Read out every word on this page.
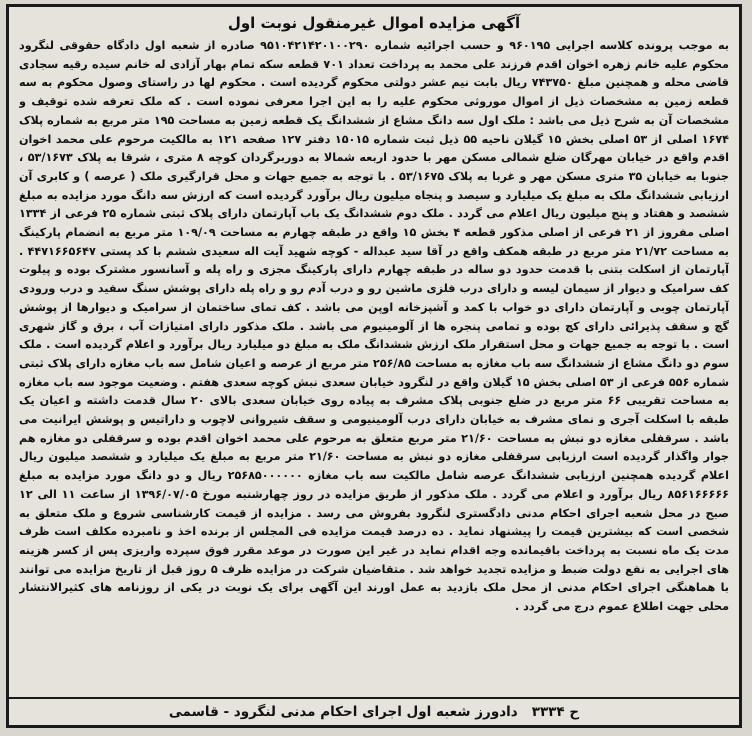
آگهی مزایده اموال غیرمنقول نوبت اول

به موجب پرونده کلاسه اجرایی ۹۶۰۱۹۵ و حسب اجرائیه شماره ۹۵۱۰۴۲۱۴۲۰۱۰۰۲۹۰ صادره از شعبه اول دادگاه حقوقی لنگرود محکوم علیه خانم زهره اخوان اقدم فرزند علی محمد به پرداخت تعداد ۷۰۱ قطعه سکه تمام بهار آزادی له خانم سیده رقیه سجادی قاضی محله و همچنین مبلغ ۷۴۳۷۵۰ ریال بابت نیم عشر دولتی محکوم گردیده است . محکوم لها در راستای وصول محکوم به سه قطعه زمین به مشخصات ذیل از اموال موروثی محکوم علیه را به این اجرا معرفی نموده است . که ملک تعرفه شده توقیف و مشخصات آن به شرح ذیل می باشد : ملک اول سه دانگ مشاع از ششدانگ یک قطعه زمین به مساحت ۱۹۵ متر مربع به شماره پلاک ۱۶۷۴ اصلی از ۵۳ اصلی بخش ۱۵ گیلان ناحیه ۵۵ ذیل ثبت شماره ۱۵۰۱۵ دفتر ۱۲۷ صفحه ۱۲۱ به مالکیت مرحوم علی محمد اخوان اقدم واقع در خیابان مهرگان ضلع شمالی مسکن مهر با حدود اربعه شمالا به دوربرگردان کوچه ۸ متری ، شرقا به پلاک ۵۳/۱۶۷۳ ، جنوبا به خیابان ۳۵ متری مسکن مهر و غربا به پلاک ۵۳/۱۶۷۵ . با توجه به جمیع جهات و محل قرارگیری ملک ( عرصه ) و کابری آن ارزیابی ششدانگ ملک به مبلغ یک میلیارد و سیصد و پنجاه میلیون ریال برآورد گردیده است که ارزش سه دانگ مورد مزایده به مبلغ ششصد و هفتاد و پنج میلیون ریال اعلام می گردد . ملک دوم ششدانگ یک باب آپارتمان دارای پلاک ثبتی شماره ۲۵ فرعی از ۱۳۳۴ اصلی مفروز از ۲۱ فرعی از اصلی مذکور قطعه ۴ بخش ۱۵ واقع در طبقه چهارم به مساحت ۱۰۹/۰۹ متر مربع به انضمام پارکینگ به مساحت ۲۱/۷۲ متر مربع در طبقه همکف واقع در آقا سید عبداله - کوچه شهید آیت اله سعیدی ششم با کد پستی ۴۴۷۱۶۶۵۶۴۷ . آپارتمان از اسکلت بتنی با قدمت حدود دو ساله در طبقه چهارم دارای پارکینگ مجزی و راه پله و آسانسور مشترک بوده و پیلوت کف سرامیک و دیوار از سیمان لیسه و دارای درب فلزی ماشین رو و درب آدم رو و راه پله دارای پوشش سنگ سفید و درب ورودی آپارتمان چوبی و آپارتمان دارای دو خواب با کمد و آشپزخانه اوپن می باشد . کف تمای ساختمان از سرامیک و دیوارها از پوشش گچ و سقف پذیرائی دارای کچ بوده و تمامی پنجره ها از آلومینیوم می باشد . ملک مذکور دارای امتیازات آب ، برق و گاز شهری است . با توجه به جمیع جهات و محل استقرار ملک ارزش ششدانگ ملک به مبلغ دو میلیارد ریال برآورد و اعلام گردیده است . ملک سوم دو دانگ مشاع از ششدانگ سه باب مغازه به مساحت ۲۵۶/۸۵ متر مربع از عرصه و اعیان شامل سه باب مغازه دارای پلاک ثبتی شماره ۵۵۶ فرعی از ۵۳ اصلی بخش ۱۵ گیلان واقع در لنگرود خیابان سعدی نبش کوچه سعدی هفتم . وضعیت موجود سه باب مغازه به مساحت تقریبی ۶۶ متر مربع در ضلع جنوبی پلاک مشرف به پیاده روی خیابان سعدی بالای ۲۰ سال قدمت داشته و اعیان یک طبقه با اسکلت آجری و نمای مشرف به خیابان دارای درب آلومینیومی و سقف شیروانی لاچوب و داراتیس و پوشش ایرانیت می باشد . سرقفلی مغازه دو نبش به مساحت ۲۱/۶۰ متر مربع متعلق به مرحوم علی محمد اخوان اقدم بوده و سرقفلی دو مغازه هم جوار واگذار گردیده است ارزیابی سرقفلی مغازه دو نبش به مساحت ۲۱/۶۰ متر مربع به مبلغ یک میلیارد و ششصد میلیون ریال اعلام گردیده همچنین ارزیابی ششدانگ عرصه شامل مالکیت سه باب مغازه ۲۵۶۸۵۰۰۰۰۰۰ ریال و دو دانگ مورد مزایده به مبلغ ۸۵۶۱۶۶۶۶۶ ریال برآورد و اعلام می گردد . ملک مذکور از طریق مزایده در روز چهارشنبه مورخ ۱۳۹۶/۰۷/۰۵ از ساعت ۱۱ الی ۱۲ صبح در محل شعبه اجرای احکام مدنی دادگستری لنگرود بفروش می رسد . مزایده از قیمت کارشناسی شروع و ملک متعلق به شخصی است که بیشترین قیمت را پیشنهاد نماید . ده درصد قیمت مزایده فی المجلس از برنده اخذ و نامبرده مکلف است ظرف مدت یک ماه نسبت به پرداخت باقیمانده وجه اقدام نماید در غیر این صورت در موعد مقرر فوق سپرده واریزی پس از کسر هزینه های اجرایی به نفع دولت ضبط و مزایده تجدید خواهد شد . متقاضیان شرکت در مزایده ظرف ۵ روز قبل از تاریخ مزایده می توانند با هماهنگی اجرای احکام مدنی از محل ملک بازدید به عمل اورند این آگهی برای یک نوبت در یکی از روزنامه های کثیرالانتشار محلی جهت اطلاع عموم درج می گردد .

ح ۳۳۳۴
دادورز شعبه اول اجرای احکام مدنی لنگرود - قاسمی
